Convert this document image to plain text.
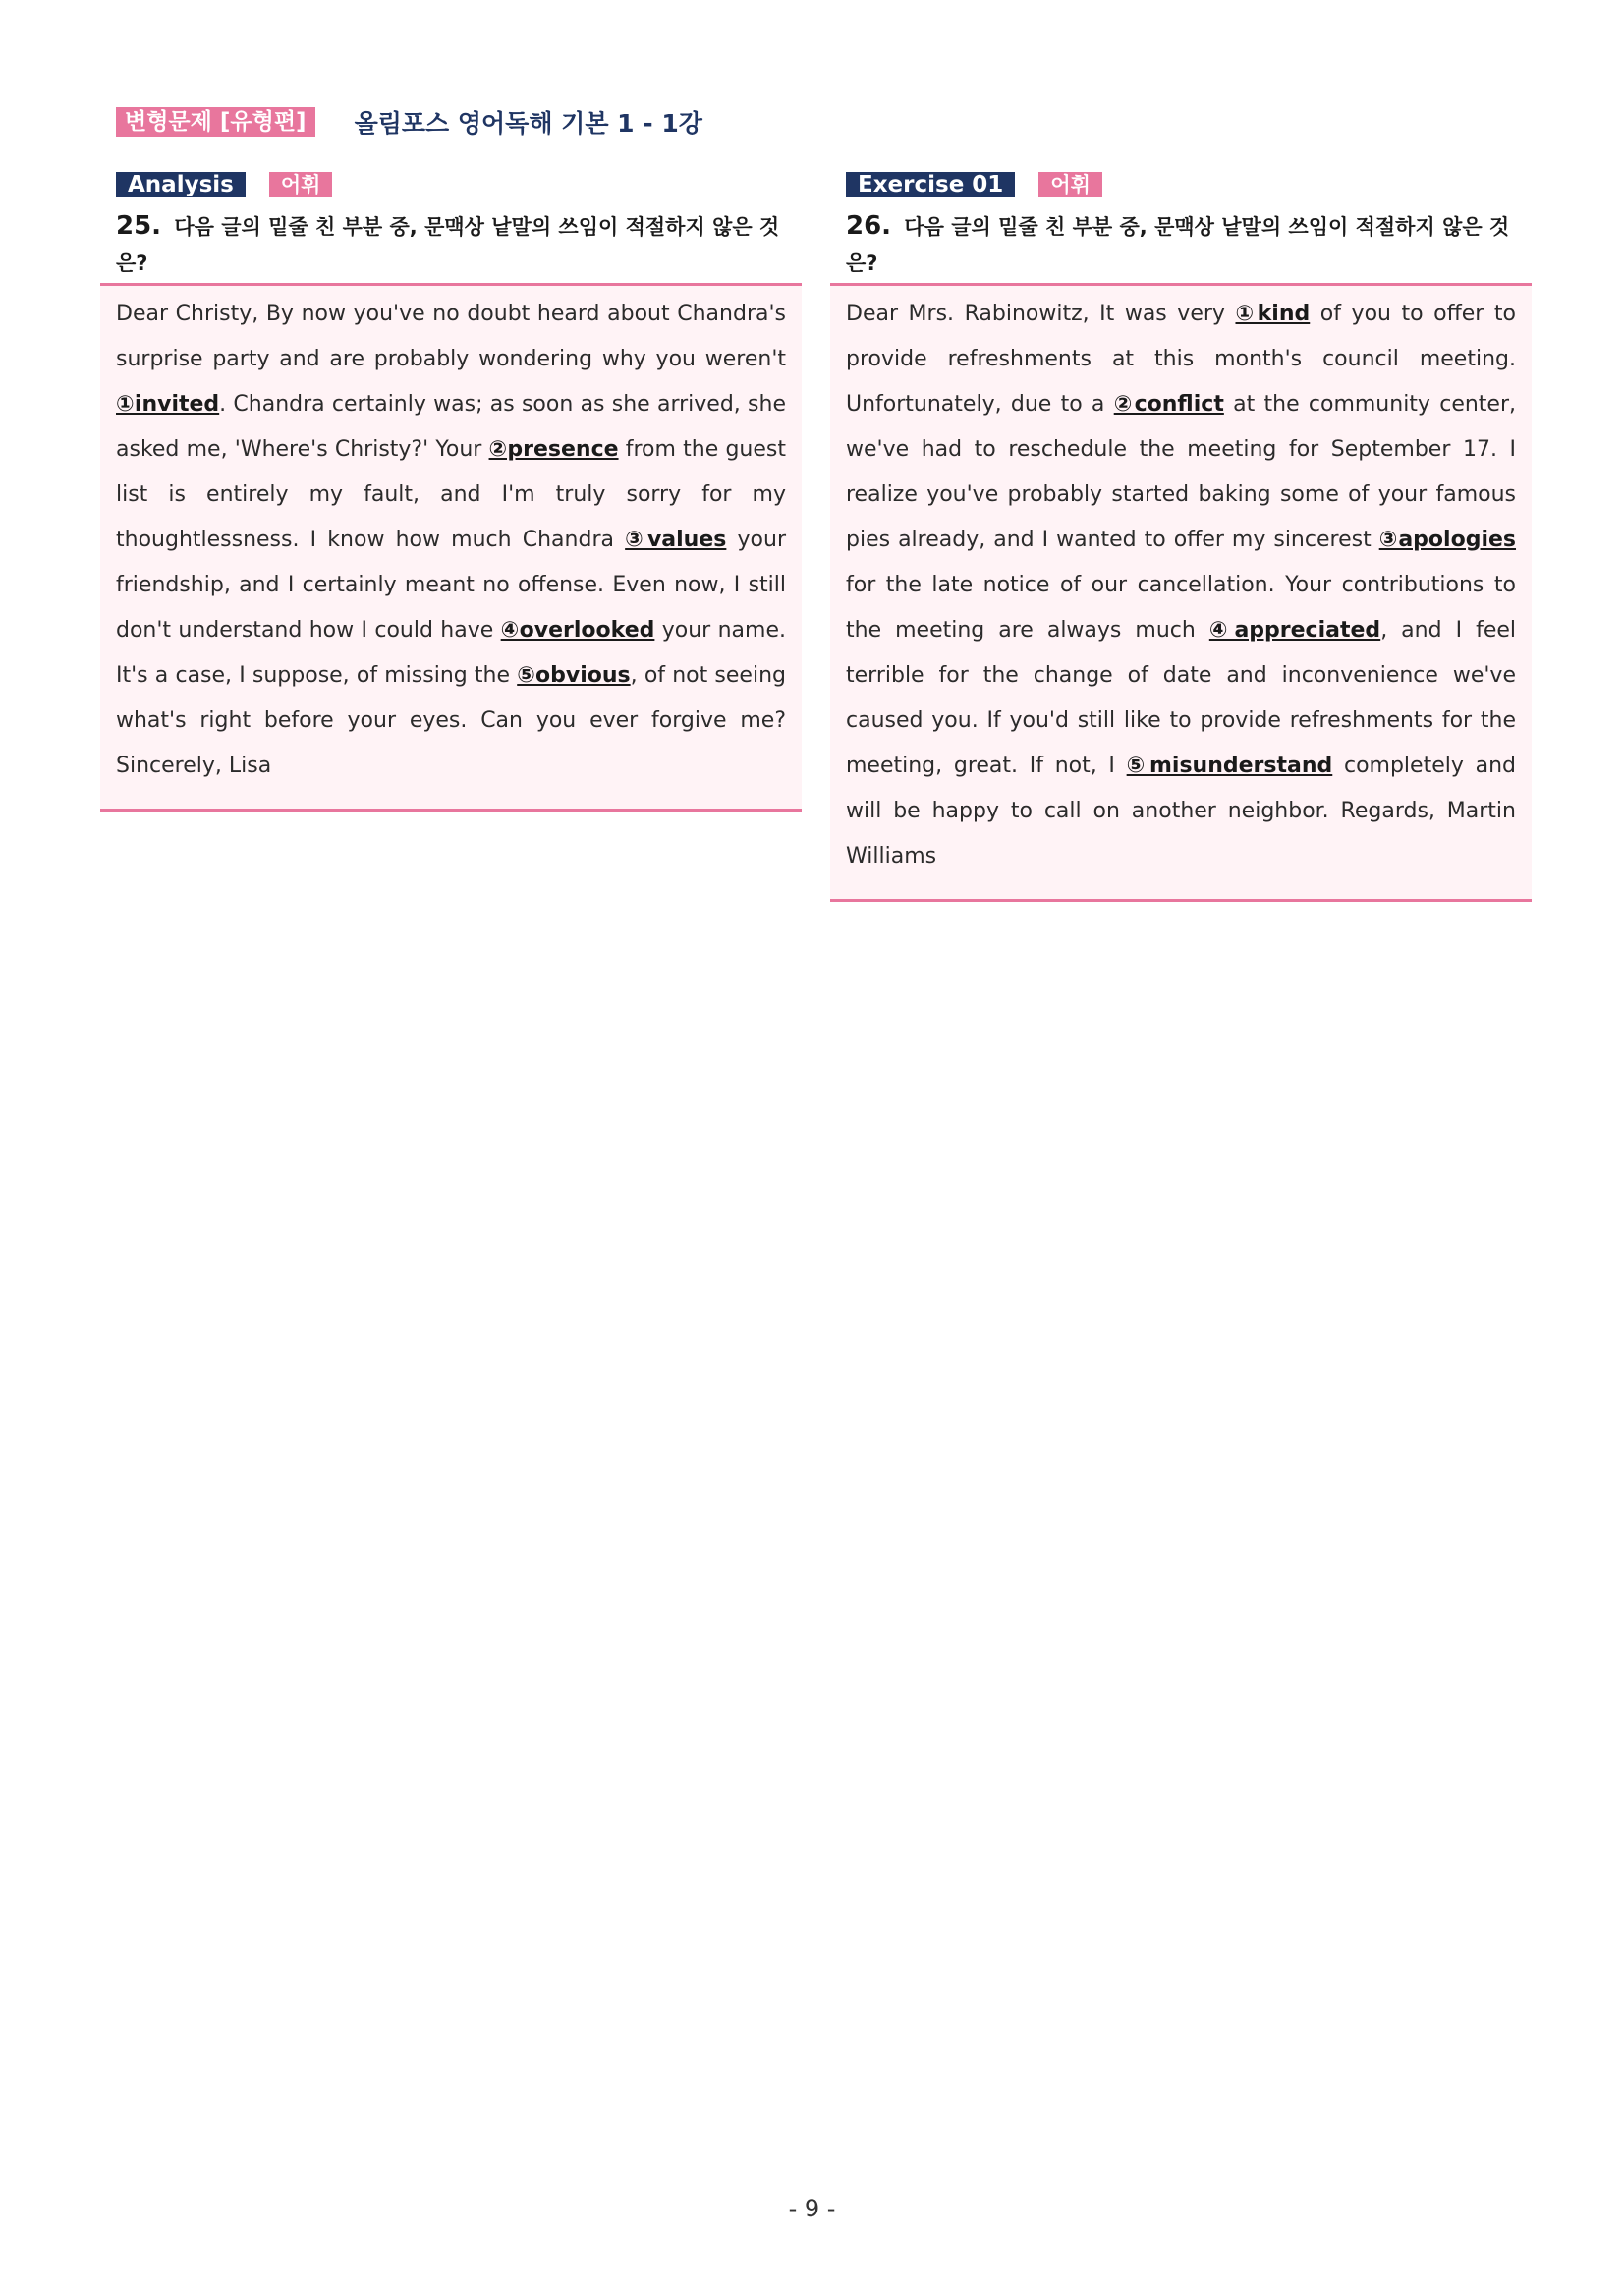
변형문제 [유형편]	올림포스 영어독해 기본 1 - 1강
Analysis	어휘
25. 다음 글의 밑줄 친 부분 중, 문맥상 낱말의 쓰임이 적절하지 않은 것은?
Dear Christy, By now you've no doubt heard about Chandra's surprise party and are probably wondering why you weren't ①invited. Chandra certainly was; as soon as she arrived, she asked me, 'Where's Christy?' Your ②presence from the guest list is entirely my fault, and I'm truly sorry for my thoughtlessness. I know how much Chandra ③values your friendship, and I certainly meant no offense. Even now, I still don't understand how I could have ④overlooked your name. It's a case, I suppose, of missing the ⑤obvious, of not seeing what's right before your eyes. Can you ever forgive me? Sincerely, Lisa
Exercise 01	어휘
26. 다음 글의 밑줄 친 부분 중, 문맥상 낱말의 쓰임이 적절하지 않은 것은?
Dear Mrs. Rabinowitz, It was very ①kind of you to offer to provide refreshments at this month's council meeting. Unfortunately, due to a ②conflict at the community center, we've had to reschedule the meeting for September 17. I realize you've probably started baking some of your famous pies already, and I wanted to offer my sincerest ③apologies for the late notice of our cancellation. Your contributions to the meeting are always much ④appreciated, and I feel terrible for the change of date and inconvenience we've caused you. If you'd still like to provide refreshments for the meeting, great. If not, I ⑤misunderstand completely and will be happy to call on another neighbor. Regards, Martin Williams
- 9 -
